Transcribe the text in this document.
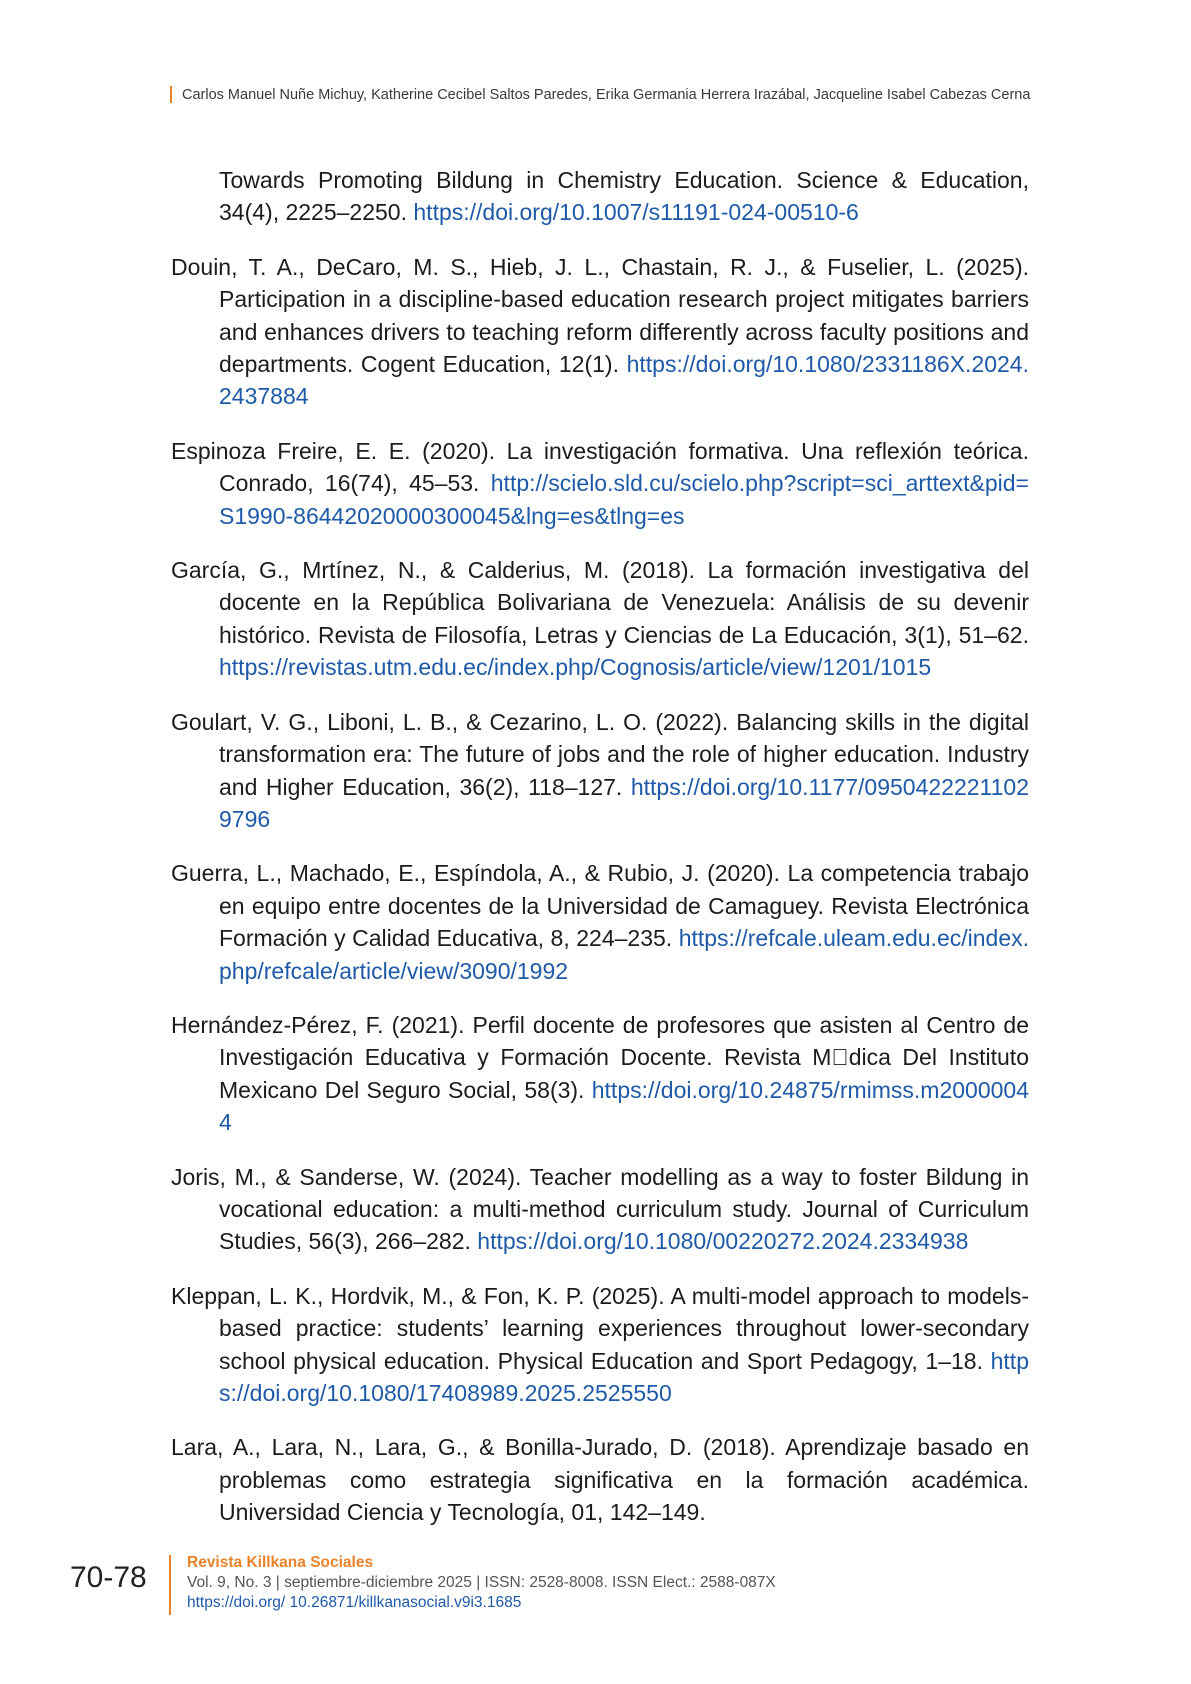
Carlos Manuel Nuñe Michuy, Katherine Cecibel Saltos Paredes, Erika Germania Herrera Irazábal, Jacqueline Isabel Cabezas Cerna

Towards Promoting Bildung in Chemistry Education. Science & Education, 34(4), 2225–2250. https://doi.org/10.1007/s11191-024-00510-6

Douin, T. A., DeCaro, M. S., Hieb, J. L., Chastain, R. J., & Fuselier, L. (2025). Participation in a discipline-based education research project mitigates barriers and enhances drivers to teaching reform differently across faculty positions and departments. Cogent Education, 12(1). https://doi.org/10.1080/2331186X.2024.2437884

Espinoza Freire, E. E. (2020). La investigación formativa. Una reflexión teórica. Conrado, 16(74), 45–53. http://scielo.sld.cu/scielo.php?script=sci_arttext&pid=S1990-86442020000300045&lng=es&tlng=es

García, G., Mrtínez, N., & Calderius, M. (2018). La formación investigativa del docente en la República Bolivariana de Venezuela: Análisis de su devenir histórico. Revista de Filosofía, Letras y Ciencias de La Educación, 3(1), 51–62. https://revistas.utm.edu.ec/index.php/Cognosis/article/view/1201/1015

Goulart, V. G., Liboni, L. B., & Cezarino, L. O. (2022). Balancing skills in the digital transformation era: The future of jobs and the role of higher education. Industry and Higher Education, 36(2), 118–127. https://doi.org/10.1177/09504222211029796

Guerra, L., Machado, E., Espíndola, A., & Rubio, J. (2020). La competencia trabajo en equipo entre docentes de la Universidad de Camaguey. Revista Electrónica Formación y Calidad Educativa, 8, 224–235. https://refcale.uleam.edu.ec/index.php/refcale/article/view/3090/1992

Hernández-Pérez, F. (2021). Perfil docente de profesores que asisten al Centro de Investigación Educativa y Formación Docente. Revista M dica Del Instituto Mexicano Del Seguro Social, 58(3). https://doi.org/10.24875/rmimss.m20000044

Joris, M., & Sanderse, W. (2024). Teacher modelling as a way to foster Bildung in vocational education: a multi-method curriculum study. Journal of Curriculum Studies, 56(3), 266–282. https://doi.org/10.1080/00220272.2024.2334938

Kleppan, L. K., Hordvik, M., & Fon, K. P. (2025). A multi-model approach to models-based practice: students’ learning experiences throughout lower-secondary school physical education. Physical Education and Sport Pedagogy, 1–18. https://doi.org/10.1080/17408989.2025.2525550

Lara, A., Lara, N., Lara, G., & Bonilla-Jurado, D. (2018). Aprendizaje basado en problemas como estrategia significativa en la formación académica. Universidad Ciencia y Tecnología, 01, 142–149.

70-78	Revista Killkana Sociales
Vol. 9, No. 3 | septiembre-diciembre 2025 | ISSN: 2528-8008. ISSN Elect.: 2588-087X
https://doi.org/ 10.26871/killkanasocial.v9i3.1685
